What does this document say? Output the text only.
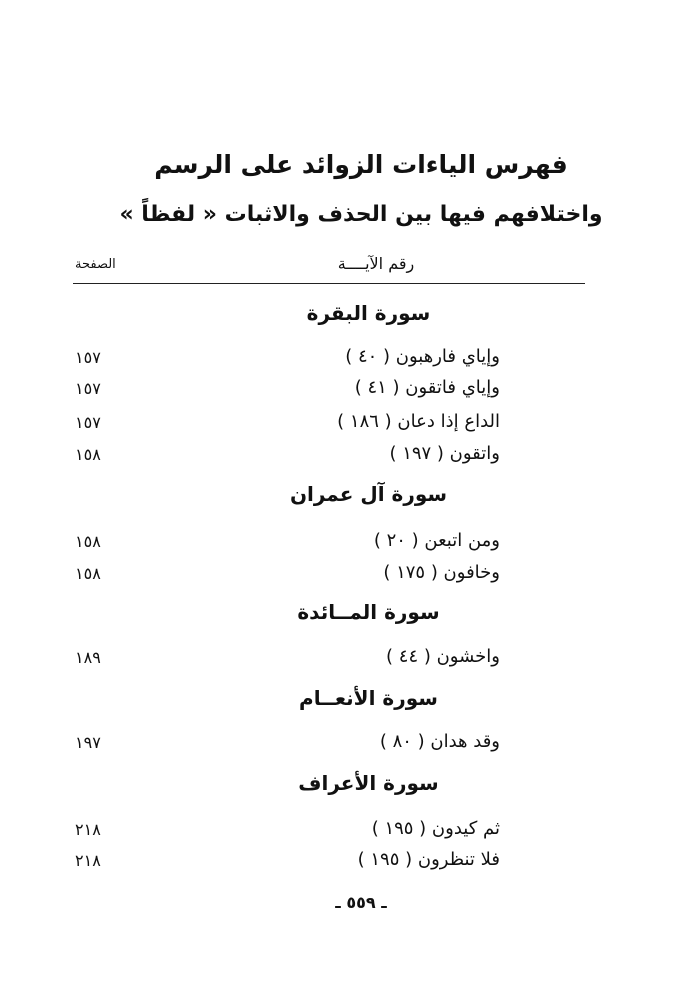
فهرس الياءات الزوائد على الرسم
واختلافهم فيها بين الحذف والاثبات « لفظاً »
رقم الآيــــة
الصفحة
سورة البقرة
وإياي فارهبون ( ٤٠ )
١٥٧
وإياي فاتقون ( ٤١ )
١٥٧
الداع إذا دعان ( ١٨٦ )
١٥٧
واتقون ( ١٩٧ )
١٥٨
سورة آل عمران
ومن اتبعن ( ٢٠ )
١٥٨
وخافون ( ١٧٥ )
١٥٨
سورة المــائدة
واخشون ( ٤٤ )
١٨٩
سورة الأنعــام
وقد هدان ( ٨٠ )
١٩٧
سورة الأعراف
ثم كيدون ( ١٩٥ )
٢١٨
فلا تنظرون ( ١٩٥ )
٢١٨
ـ ٥٥٩ ـ
